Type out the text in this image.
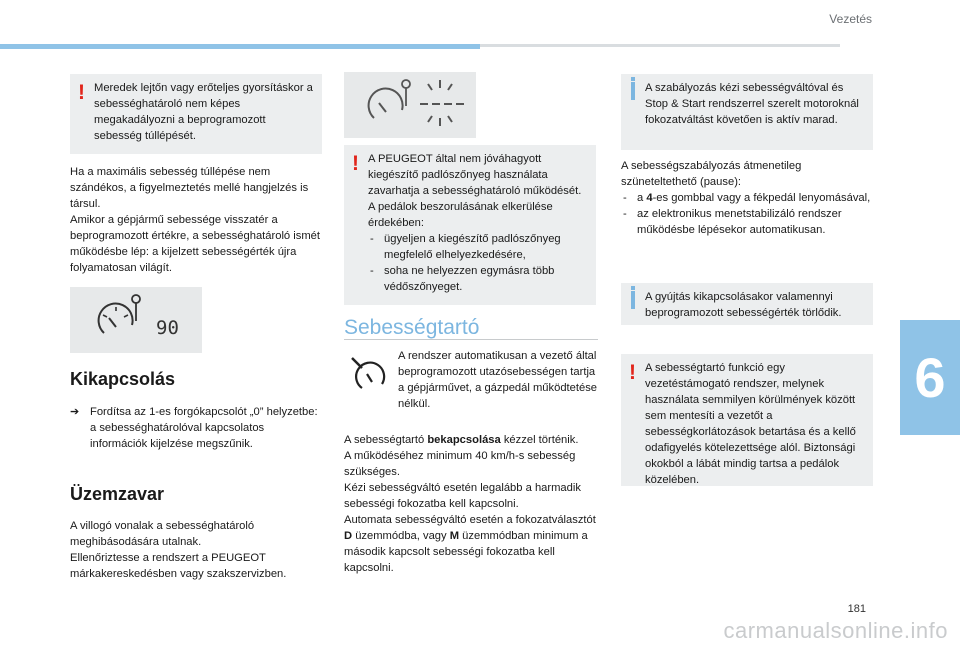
Vezetés
6
! Meredek lejtőn vagy erőteljes gyorsításkor a sebességhatároló nem képes megakadályozni a beprogramozott sebesség túllépését.

Ha a maximális sebesség túllépése nem szándékos, a figyelmeztetés mellé hangjelzés is társul.

Amikor a gépjármű sebessége visszatér a beprogramozott értékre, a sebességhatároló ismét működésbe lép: a kijelzett sebességérték újra folyamatosan világít.

90
Kikapcsolás
➔ Fordítsa az 1-es forgókapcsolót „0” helyzetbe: a sebességhatárolóval kapcsolatos információk kijelzése megszűnik.
Üzemzavar

A villogó vonalak a sebességhatároló meghibásodására utalnak.

Ellenőriztesse a rendszert a PEUGEOT márkakereskedésben vagy szakszervizben.

! A PEUGEOT által nem jóváhagyott kiegészítő padlószőnyeg használata zavarhatja a sebességhatároló működését.
A pedálok beszorulásának elkerülése érdekében:
- ügyeljen a kiegészítő padlószőnyeg megfelelő elhelyezkedésére,
- soha ne helyezzen egymásra több védőszőnyeget.
Sebességtartó
A rendszer automatikusan a vezető által beprogramozott utazósebességen tartja a gépjárművet, a gázpedál működtetése nélkül.

A sebességtartó bekapcsolása kézzel történik.

A működéséhez minimum 40 km/h-s sebesség szükséges.

Kézi sebességváltó esetén legalább a harmadik sebességi fokozatba kell kapcsolni.

Automata sebességváltó esetén a fokozatválasztót D üzemmódba, vagy M üzemmódban minimum a második kapcsolt sebességi fokozatba kell kapcsolni.

A szabályozás kézi sebességváltóval és Stop & Start rendszerrel szerelt motoroknál fokozatváltást követően is aktív marad.

A sebességszabályozás átmenetileg szüneteltethető (pause):

- a 4-es gombbal vagy a fékpedál lenyomásával,
- az elektronikus menetstabilizáló rendszer működésbe lépésekor automatikusan.
A gyújtás kikapcsolásakor valamennyi beprogramozott sebességérték törlődik.
! A sebességtartó funkció egy vezetéstámogató rendszer, melynek használata semmilyen körülmények között sem mentesíti a vezetőt a sebességkorlátozások betartása és a kellő odafigyelés kötelezettsége alól. Biztonsági okokból a lábát mindig tartsa a pedálok közelében.
181
carmanualsonline.info
